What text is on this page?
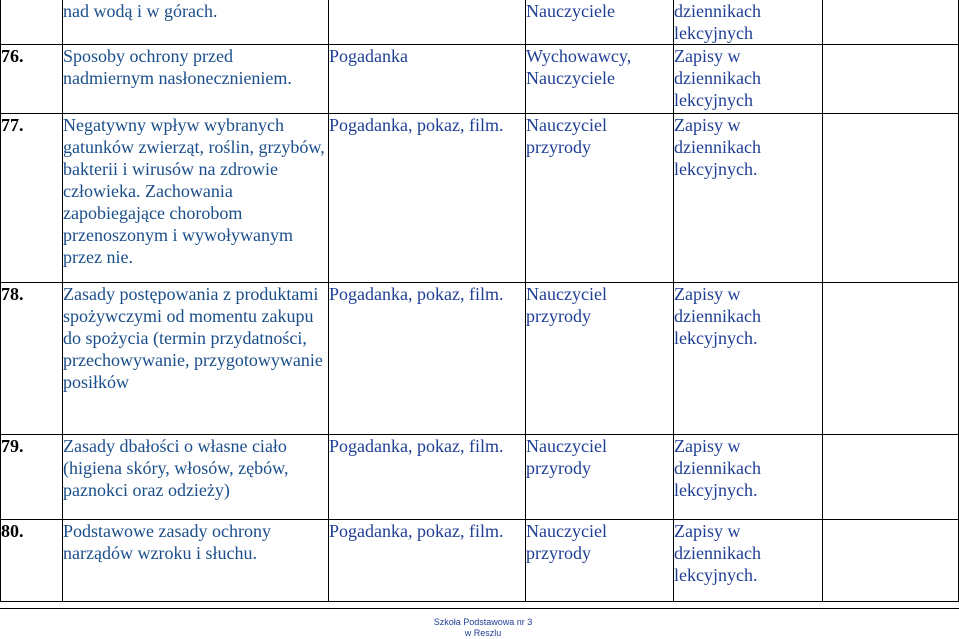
	nad wodą i w górach.		Nauczyciele	dziennikach lekcyjnych	
76.	Sposoby ochrony przed nadmiernym nasłonecznieniem.	Pogadanka	Wychowawcy, Nauczyciele	Zapisy w dziennikach lekcyjnych	
77.	Negatywny wpływ wybranych gatunków zwierząt, roślin, grzybów, bakterii i wirusów na zdrowie człowieka. Zachowania zapobiegające chorobom przenoszonym i wywoływanym przez nie.	Pogadanka, pokaz, film.	Nauczyciel przyrody	Zapisy w dziennikach lekcyjnych.	
78.	Zasady postępowania z produktami spożywczymi od momentu zakupu do spożycia (termin przydatności, przechowywanie, przygotowywanie posiłków	Pogadanka, pokaz, film.	Nauczyciel przyrody	Zapisy w dziennikach lekcyjnych.	
79.	Zasady dbałości o własne ciało (higiena skóry, włosów, zębów, paznokci oraz odzieży)	Pogadanka, pokaz, film.	Nauczyciel przyrody	Zapisy w dziennikach lekcyjnych.	
80.	Podstawowe zasady ochrony narządów wzroku i słuchu.	Pogadanka, pokaz, film.	Nauczyciel przyrody	Zapisy w dziennikach lekcyjnych.	
Szkoła Podstawowa nr 3
w Reszlu
